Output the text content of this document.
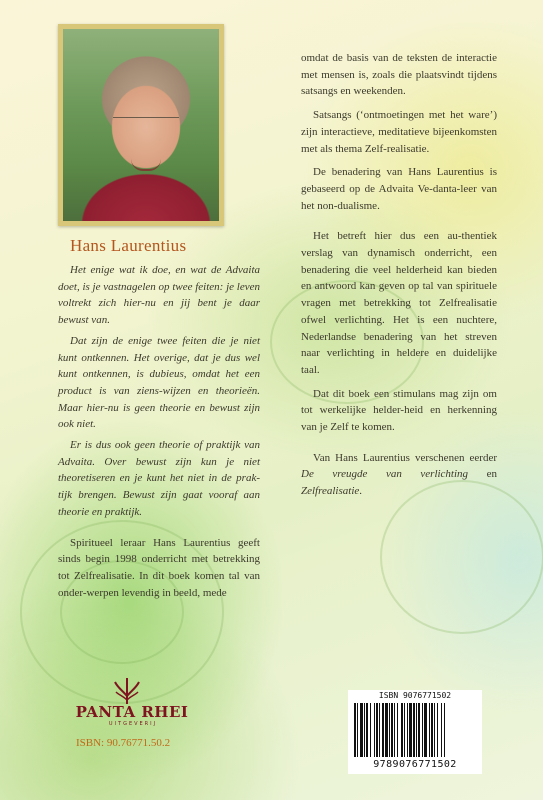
Hans Laurentius

Het enige wat ik doe, en wat de Advaita doet, is je vastnagelen op twee feiten: je leven voltrekt zich hier-nu en jij bent je daar bewust van.

Dat zijn de enige twee feiten die je niet kunt ontkennen. Het overige, dat je dus wel kunt ontkennen, is dubieus, omdat het een product is van ziens-wijzen en theorieën. Maar hier-nu is geen theorie en bewust zijn ook niet.

Er is dus ook geen theorie of praktijk van Advaita. Over bewust zijn kun je niet theoretiseren en je kunt het niet in de prak-tijk brengen. Bewust zijn gaat vooraf aan theorie en praktijk.

Spiritueel leraar Hans Laurentius geeft sinds begin 1998 onderricht met betrekking tot Zelfrealisatie. In dit boek komen tal van onder-werpen levendig in beeld, mede

omdat de basis van de teksten de interactie met mensen is, zoals die plaatsvindt tijdens satsangs en weekenden.

Satsangs (‘ontmoetingen met het ware’) zijn interactieve, meditatieve bijeenkomsten met als thema Zelf-realisatie.

De benadering van Hans Laurentius is gebaseerd op de Advaita Ve-danta-leer van het non-dualisme.

Het betreft hier dus een au-thentiek verslag van dynamisch onderricht, een benadering die veel helderheid kan bieden en antwoord kan geven op tal van spirituele vragen met betrekking tot Zelfrealisatie ofwel verlichting. Het is een nuchtere, Nederlandse benadering van het streven naar verlichting in heldere en duidelijke taal.

Dat dit boek een stimulans mag zijn om tot werkelijke helder-heid en herkenning van je Zelf te komen.

Van Hans Laurentius verschenen eerder De vreugde van verlichting en Zelfrealisatie.

PANTA RHEI
UITGEVERIJ
ISBN: 90.76771.50.2
ISBN 9076771502
9789076771502
